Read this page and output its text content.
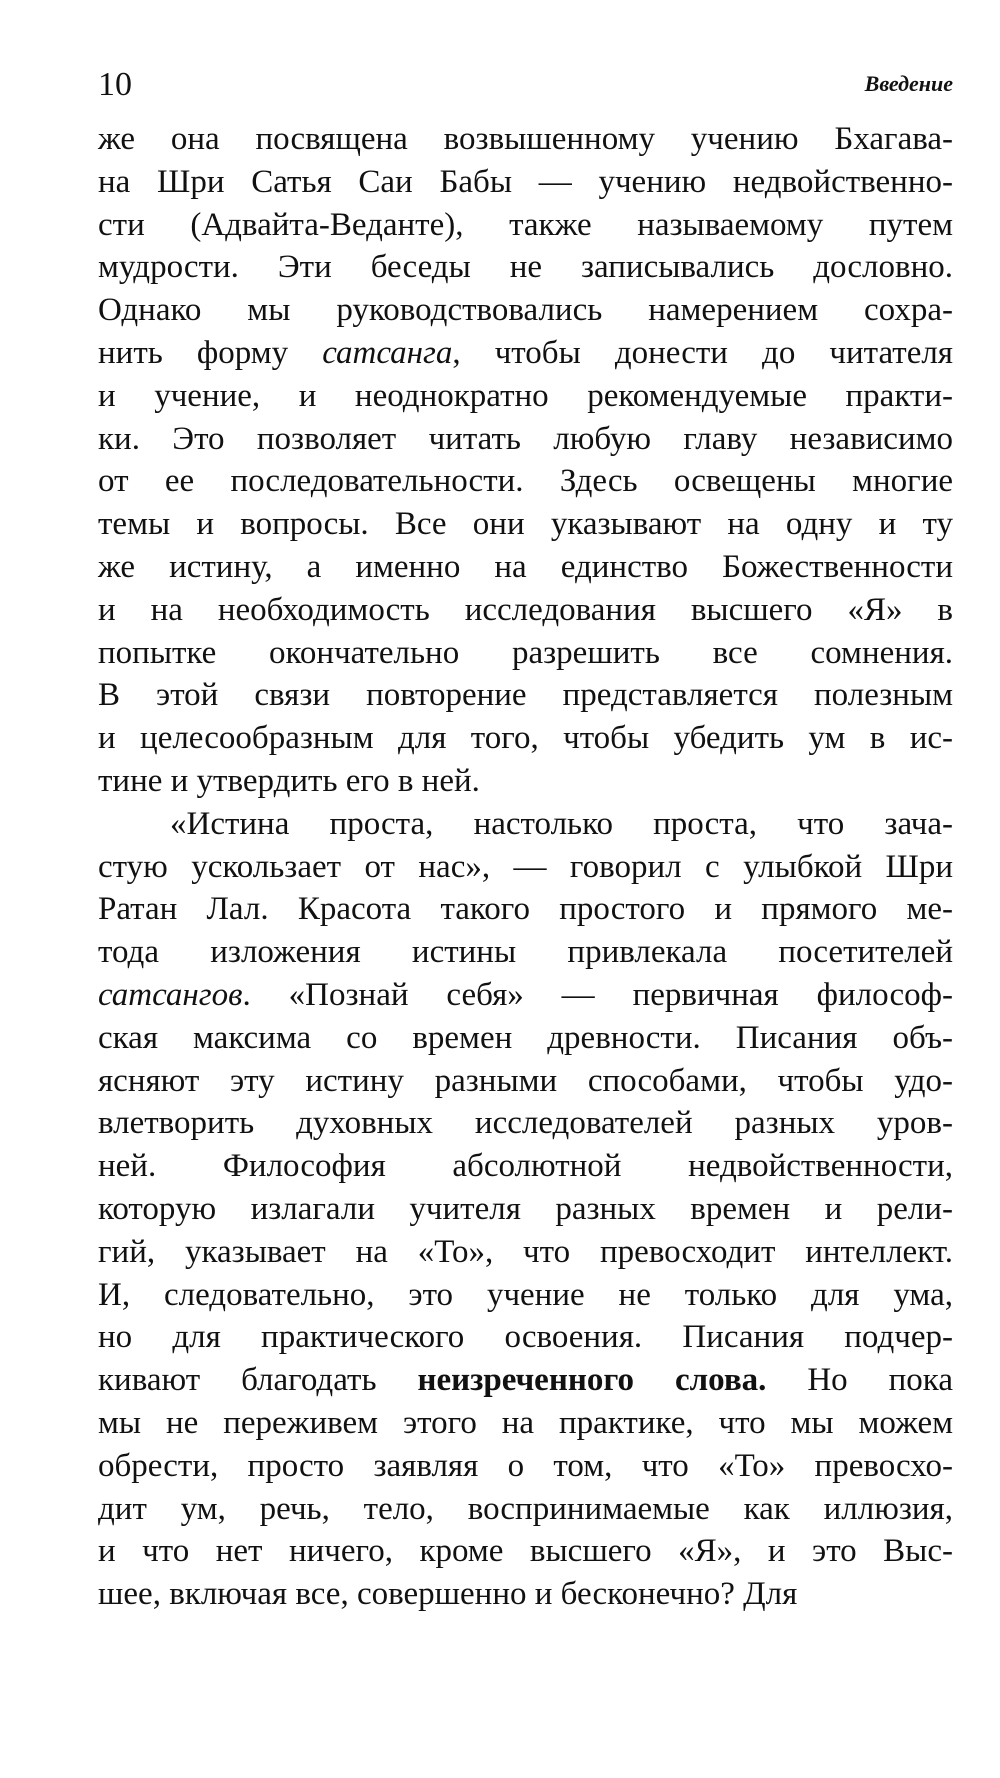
10	Введение
же она посвящена возвышенному учению Бхагава-
на Шри Сатья Саи Бабы — учению недвойственно-
сти (Адвайта-Веданте), также называемому путем
мудрости. Эти беседы не записывались дословно.
Однако мы руководствовались намерением сохра-
нить форму сатсанга, чтобы донести до читателя
и учение, и неоднократно рекомендуемые практи-
ки. Это позволяет читать любую главу независимо
от ее последовательности. Здесь освещены многие
темы и вопросы. Все они указывают на одну и ту
же истину, а именно на единство Божественности
и на необходимость исследования высшего «Я» в
попытке окончательно разрешить все сомнения.
В этой связи повторение представляется полезным
и целесообразным для того, чтобы убедить ум в ис-
тине и утвердить его в ней.
«Истина проста, настолько проста, что зача-
стую ускользает от нас», — говорил с улыбкой Шри
Ратан Лал. Красота такого простого и прямого ме-
тода изложения истины привлекала посетителей
сатсангов. «Познай себя» — первичная философ-
ская максима со времен древности. Писания объ-
ясняют эту истину разными способами, чтобы удо-
влетворить духовных исследователей разных уров-
ней. Философия абсолютной недвойственности,
которую излагали учителя разных времен и рели-
гий, указывает на «То», что превосходит интеллект.
И, следовательно, это учение не только для ума,
но для практического освоения. Писания подчер-
кивают благодать неизреченного слова. Но пока
мы не переживем этого на практике, что мы можем
обрести, просто заявляя о том, что «То» превосхо-
дит ум, речь, тело, воспринимаемые как иллюзия,
и что нет ничего, кроме высшего «Я», и это Выс-
шее, включая все, совершенно и бесконечно? Для
